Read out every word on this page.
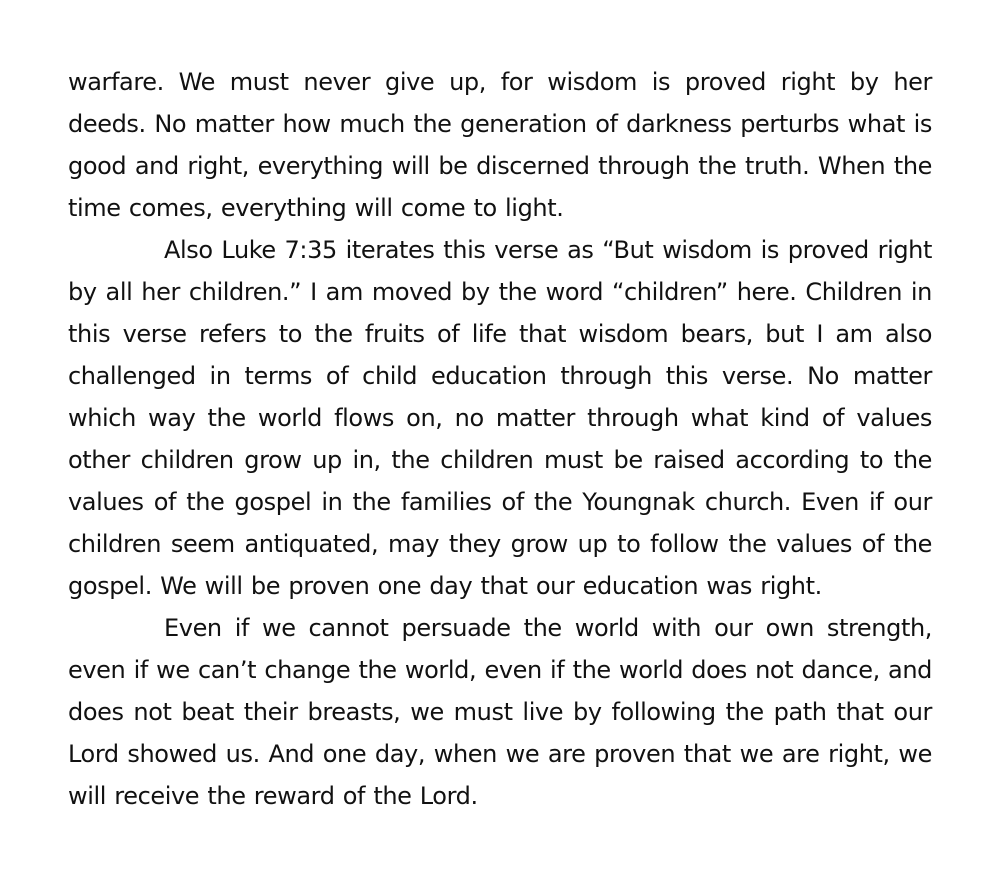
warfare. We must never give up, for wisdom is proved right by her deeds. No matter how much the generation of darkness perturbs what is good and right, everything will be discerned through the truth. When the time comes, everything will come to light.

Also Luke 7:35 iterates this verse as “But wisdom is proved right by all her children.” I am moved by the word “children” here. Children in this verse refers to the fruits of life that wisdom bears, but I am also challenged in terms of child education through this verse. No matter which way the world flows on, no matter through what kind of values other children grow up in, the children must be raised according to the values of the gospel in the families of the Youngnak church. Even if our children seem antiquated, may they grow up to follow the values of the gospel. We will be proven one day that our education was right.

Even if we cannot persuade the world with our own strength, even if we can’t change the world, even if the world does not dance, and does not beat their breasts, we must live by following the path that our Lord showed us. And one day, when we are proven that we are right, we will receive the reward of the Lord.
